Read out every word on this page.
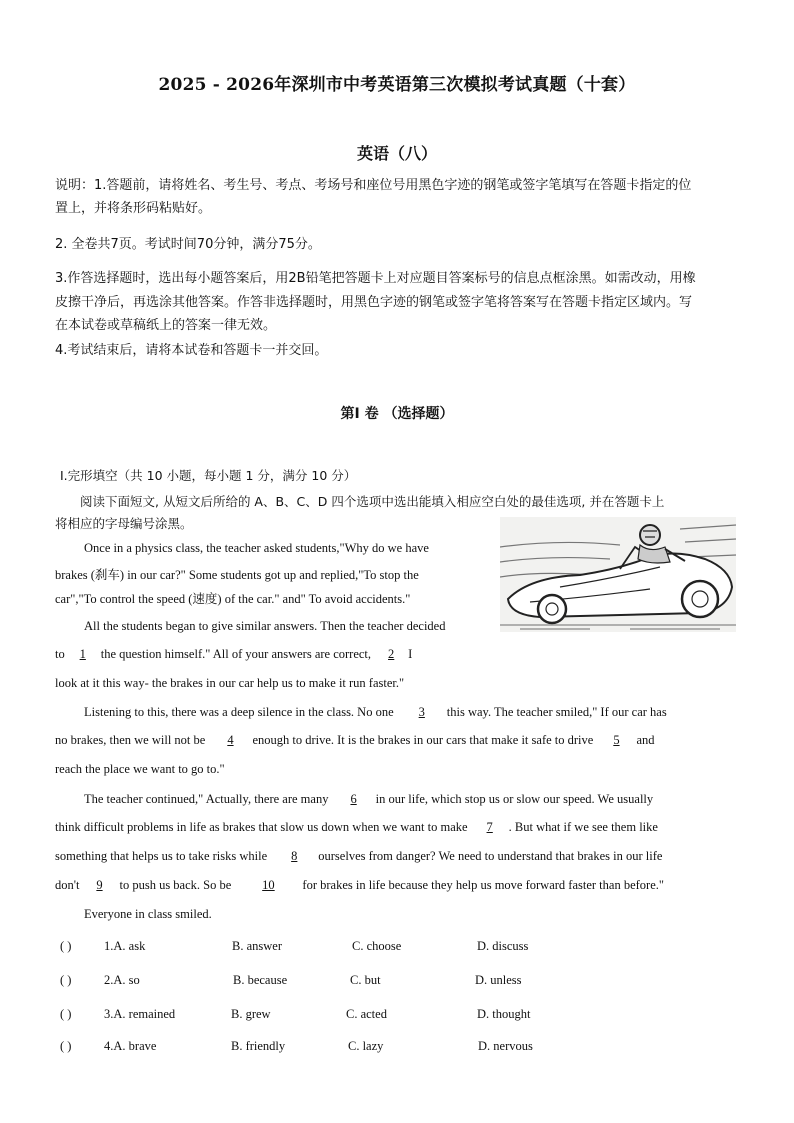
2025 - 2026年深圳市中考英语第三次模拟考试真题（十套）
英语（八）
说明：1.答题前，请将姓名、考生号、考点、考场号和座位号用黑色字迹的钢笔或签字笔填写在答题卡指定的位
置上，并将条形码粘贴好。
2. 全卷共7页。考试时间70分钟，满分75分。
3.作答选择题时，选出每小题答案后，用2B铅笔把答题卡上对应题目答案标号的信息点框涂黑。如需改动，用橡
皮擦干净后，再选涂其他答案。作答非选择题时，用黑色字迹的钢笔或签字笔将答案写在答题卡指定区域内。写
在本试卷或草稿纸上的答案一律无效。
4.考试结束后，请将本试卷和答题卡一并交回。
第Ⅰ 卷 （选择题）
Ⅰ.完形填空（共 10 小题，每小题 1 分，满分 10 分）
阅读下面短文, 从短文后所给的 A、B、C、D 四个选项中选出能填入相应空白处的最佳选项, 并在答题卡上
将相应的字母编号涂黑。
Once in a physics class, the teacher asked students,"Why do we have
brakes (刹车) in our car?" Some students got up and replied,"To stop the
car","To control the speed (速度) of the car." and" To avoid accidents."
All the students began to give similar answers. Then the teacher decided
to 1 the question himself." All of your answers are correct, 2 I
look at it this way- the brakes in our car help us to make it run faster."
Listening to this, there was a deep silence in the class. No one 3 this way. The teacher smiled," If our car has
no brakes, then we will not be 4 enough to drive. It is the brakes in our cars that make it safe to drive 5 and
reach the place we want to go to."
The teacher continued," Actually, there are many 6 in our life, which stop us or slow our speed. We usually
think difficult problems in life as brakes that slow us down when we want to make 7 . But what if we see them like
something that helps us to take risks while 8 ourselves from danger? We need to understand that brakes in our life
don't 9 to push us back. So be 10 for brakes in life because they help us move forward faster than before."
Everyone in class smiled.
( )	1.A. ask	B. answer	C. choose	D. discuss
( )	2.A. so	B. because	C. but	D. unless
( )	3.A. remained	B. grew	C. acted	D. thought
( )	4.A. brave	B. friendly	C. lazy	D. nervous
